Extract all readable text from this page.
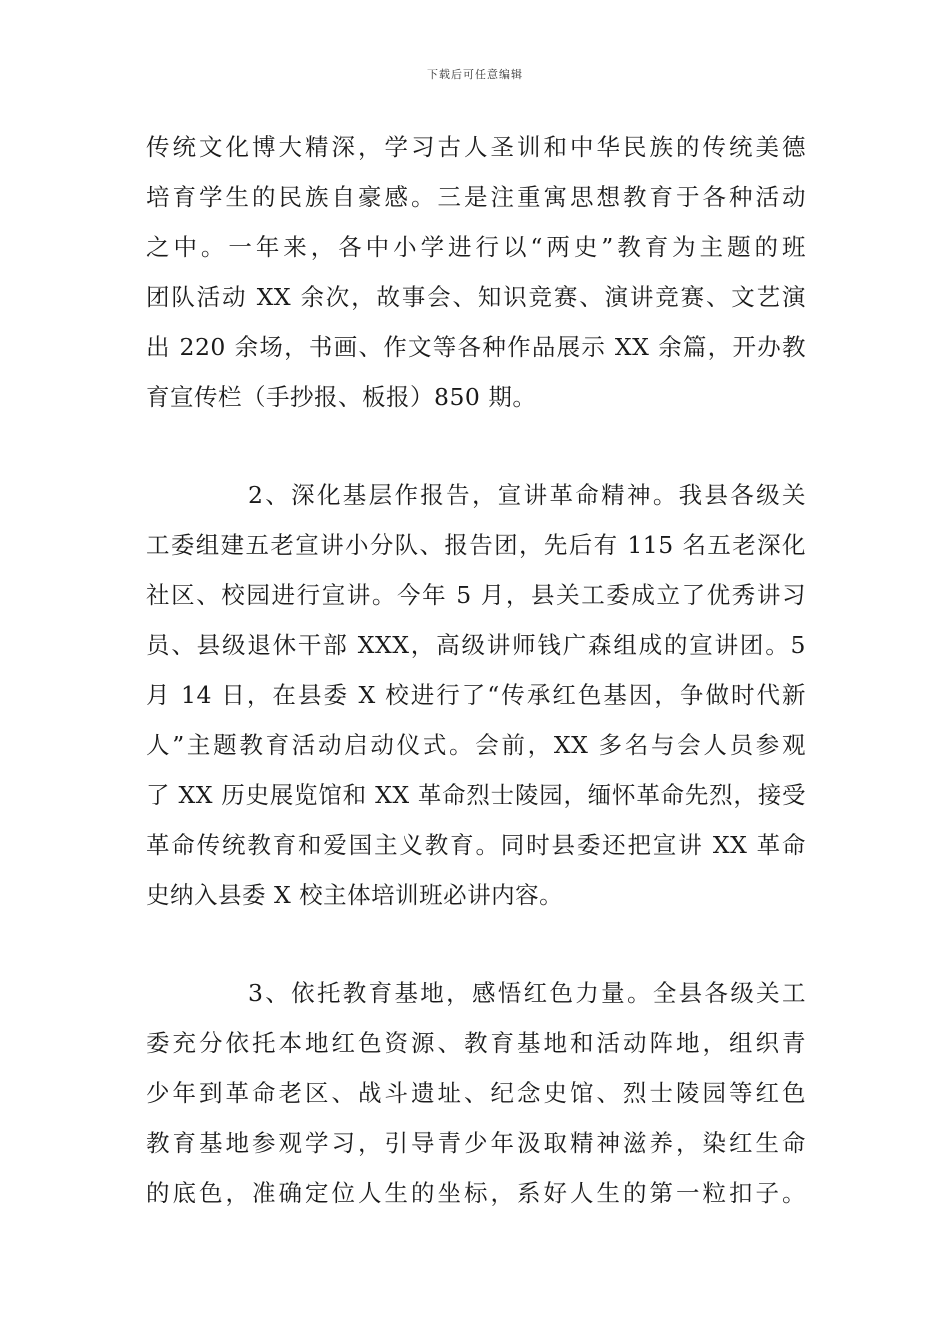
下载后可任意编辑
传统文化博大精深，学习古人圣训和中华民族的传统美德
培育学生的民族自豪感。三是注重寓思想教育于各种活动
之中。一年来，各中小学进行以“两史”教育为主题的班
团队活动 XX 余次，故事会、知识竞赛、演讲竞赛、文艺演
出 220 余场，书画、作文等各种作品展示 XX 余篇，开办教
育宣传栏（手抄报、板报）850 期。
2、深化基层作报告，宣讲革命精神。我县各级关
工委组建五老宣讲小分队、报告团，先后有 115 名五老深化
社区、校园进行宣讲。今年 5 月，县关工委成立了优秀讲习
员、县级退休干部 XXX，高级讲师钱广森组成的宣讲团。5
月 14 日，在县委 X 校进行了“传承红色基因，争做时代新
人”主题教育活动启动仪式。会前，XX 多名与会人员参观
了 XX 历史展览馆和 XX 革命烈士陵园，缅怀革命先烈，接受
革命传统教育和爱国主义教育。同时县委还把宣讲 XX 革命
史纳入县委 X 校主体培训班必讲内容。
3、依托教育基地，感悟红色力量。全县各级关工
委充分依托本地红色资源、教育基地和活动阵地，组织青
少年到革命老区、战斗遗址、纪念史馆、烈士陵园等红色
教育基地参观学习，引导青少年汲取精神滋养，染红生命
的底色，准确定位人生的坐标，系好人生的第一粒扣子。
